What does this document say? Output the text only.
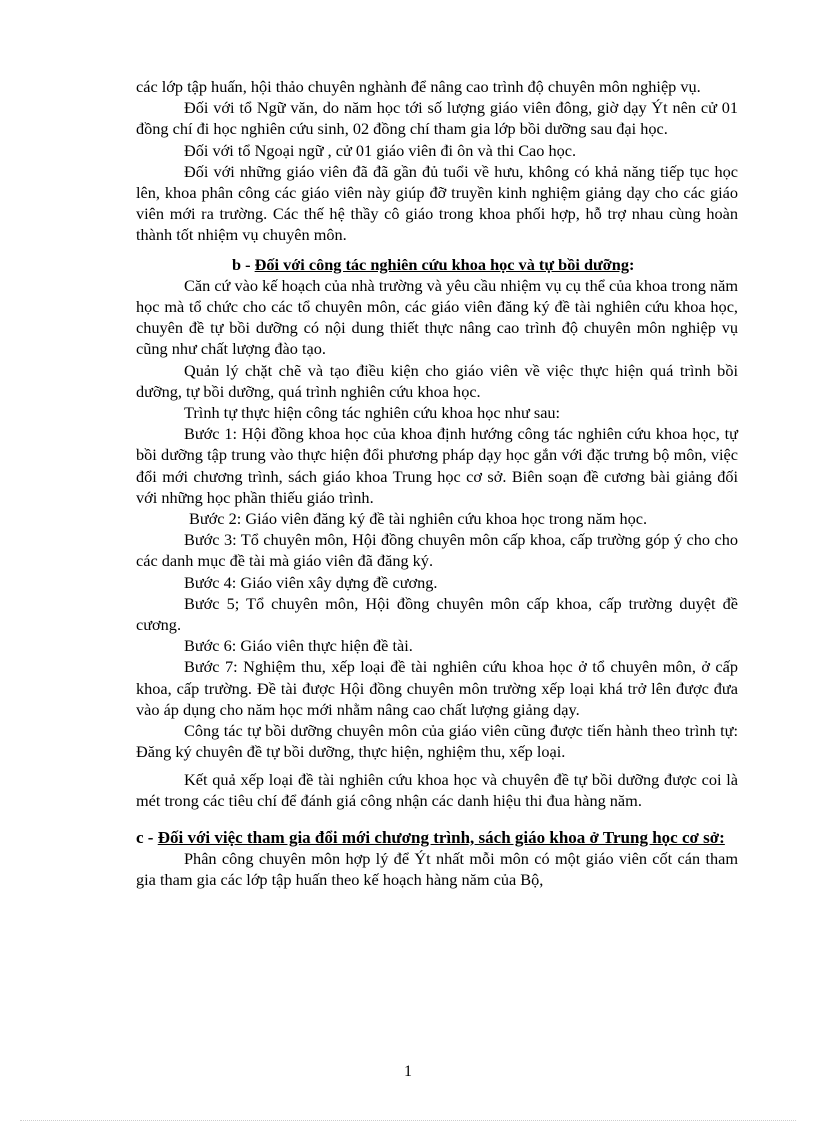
các lớp tập huấn, hội thảo chuyên nghành để nâng cao trình độ chuyên môn nghiệp vụ.

Đối với tổ Ngữ văn, do năm học tới số lượng giáo viên đông, giờ dạy Ýt nên cử 01 đồng chí đi học nghiên cứu sinh, 02 đồng chí tham gia lớp bồi dưỡng sau đại học.

Đối với tổ Ngoại ngữ , cử 01 giáo viên đi ôn và thi Cao học.

Đối với những giáo viên đã đã gần đủ tuổi về hưu, không có khả năng tiếp tục học lên, khoa phân công các giáo viên này giúp đỡ truyền kinh nghiệm giảng dạy cho các giáo viên mới ra trường. Các thế hệ thầy cô giáo trong khoa phối hợp, hỗ trợ nhau cùng hoàn thành tốt nhiệm vụ chuyên môn.

b - Đối với công tác nghiên cứu khoa học và tự bồi dưỡng:

Căn cứ vào kế hoạch của nhà trường và yêu cầu nhiệm vụ cụ thể của khoa trong năm học mà tổ chức cho các tổ chuyên môn, các giáo viên đăng ký đề tài nghiên cứu khoa học, chuyên đề tự bồi dưỡng có nội dung thiết thực nâng cao trình độ chuyên môn nghiệp vụ cũng như chất lượng đào tạo.

Quản lý chặt chẽ và tạo điều kiện cho giáo viên về việc thực hiện quá trình bồi dưỡng, tự bồi dưỡng, quá trình nghiên cứu khoa học.

Trình tự thực hiện công tác nghiên cứu khoa học như sau:

Bước 1: Hội đồng khoa học của khoa định hướng công tác nghiên cứu khoa học, tự bồi dưỡng tập trung vào thực hiện đổi phương pháp dạy học gắn với đặc trưng bộ môn, việc đổi mới chương trình, sách giáo khoa Trung học cơ sở. Biên soạn đề cương bài giảng đối với những học phần thiếu giáo trình.

Bước 2: Giáo viên đăng ký đề tài nghiên cứu khoa học trong năm học.

Bước 3: Tổ chuyên môn, Hội đồng chuyên môn cấp khoa, cấp trường góp ý cho cho các danh mục đề tài mà giáo viên đã đăng ký.

Bước 4: Giáo viên xây dựng đề cương.

Bước 5; Tổ chuyên môn, Hội đồng chuyên môn cấp khoa, cấp trường duyệt đề cương.

Bước 6: Giáo viên thực hiện đề tài.

Bước 7: Nghiệm thu, xếp loại đề tài nghiên cứu khoa học ở tổ chuyên môn, ở cấp khoa, cấp trường. Đề tài được Hội đồng chuyên môn trường xếp loại khá trở lên được đưa vào áp dụng cho năm học mới nhằm nâng cao chất lượng giảng dạy.

Công tác tự bồi dưỡng chuyên môn của giáo viên cũng được tiến hành theo trình tự: Đăng ký chuyên đề tự bồi dưỡng, thực hiện, nghiệm thu, xếp loại.

Kết quả xếp loại đề tài nghiên cứu khoa học và chuyên đề tự bồi dưỡng được coi là mét trong các tiêu chí để đánh giá công nhận các danh hiệu thi đua hàng năm.

c - Đối với việc tham gia đổi mới chương trình, sách giáo khoa ở Trung học cơ sở:

Phân công chuyên môn hợp lý để Ýt nhất mỗi môn có một giáo viên cốt cán tham gia tham gia các lớp tập huấn theo kế hoạch hàng năm của Bộ,

1
